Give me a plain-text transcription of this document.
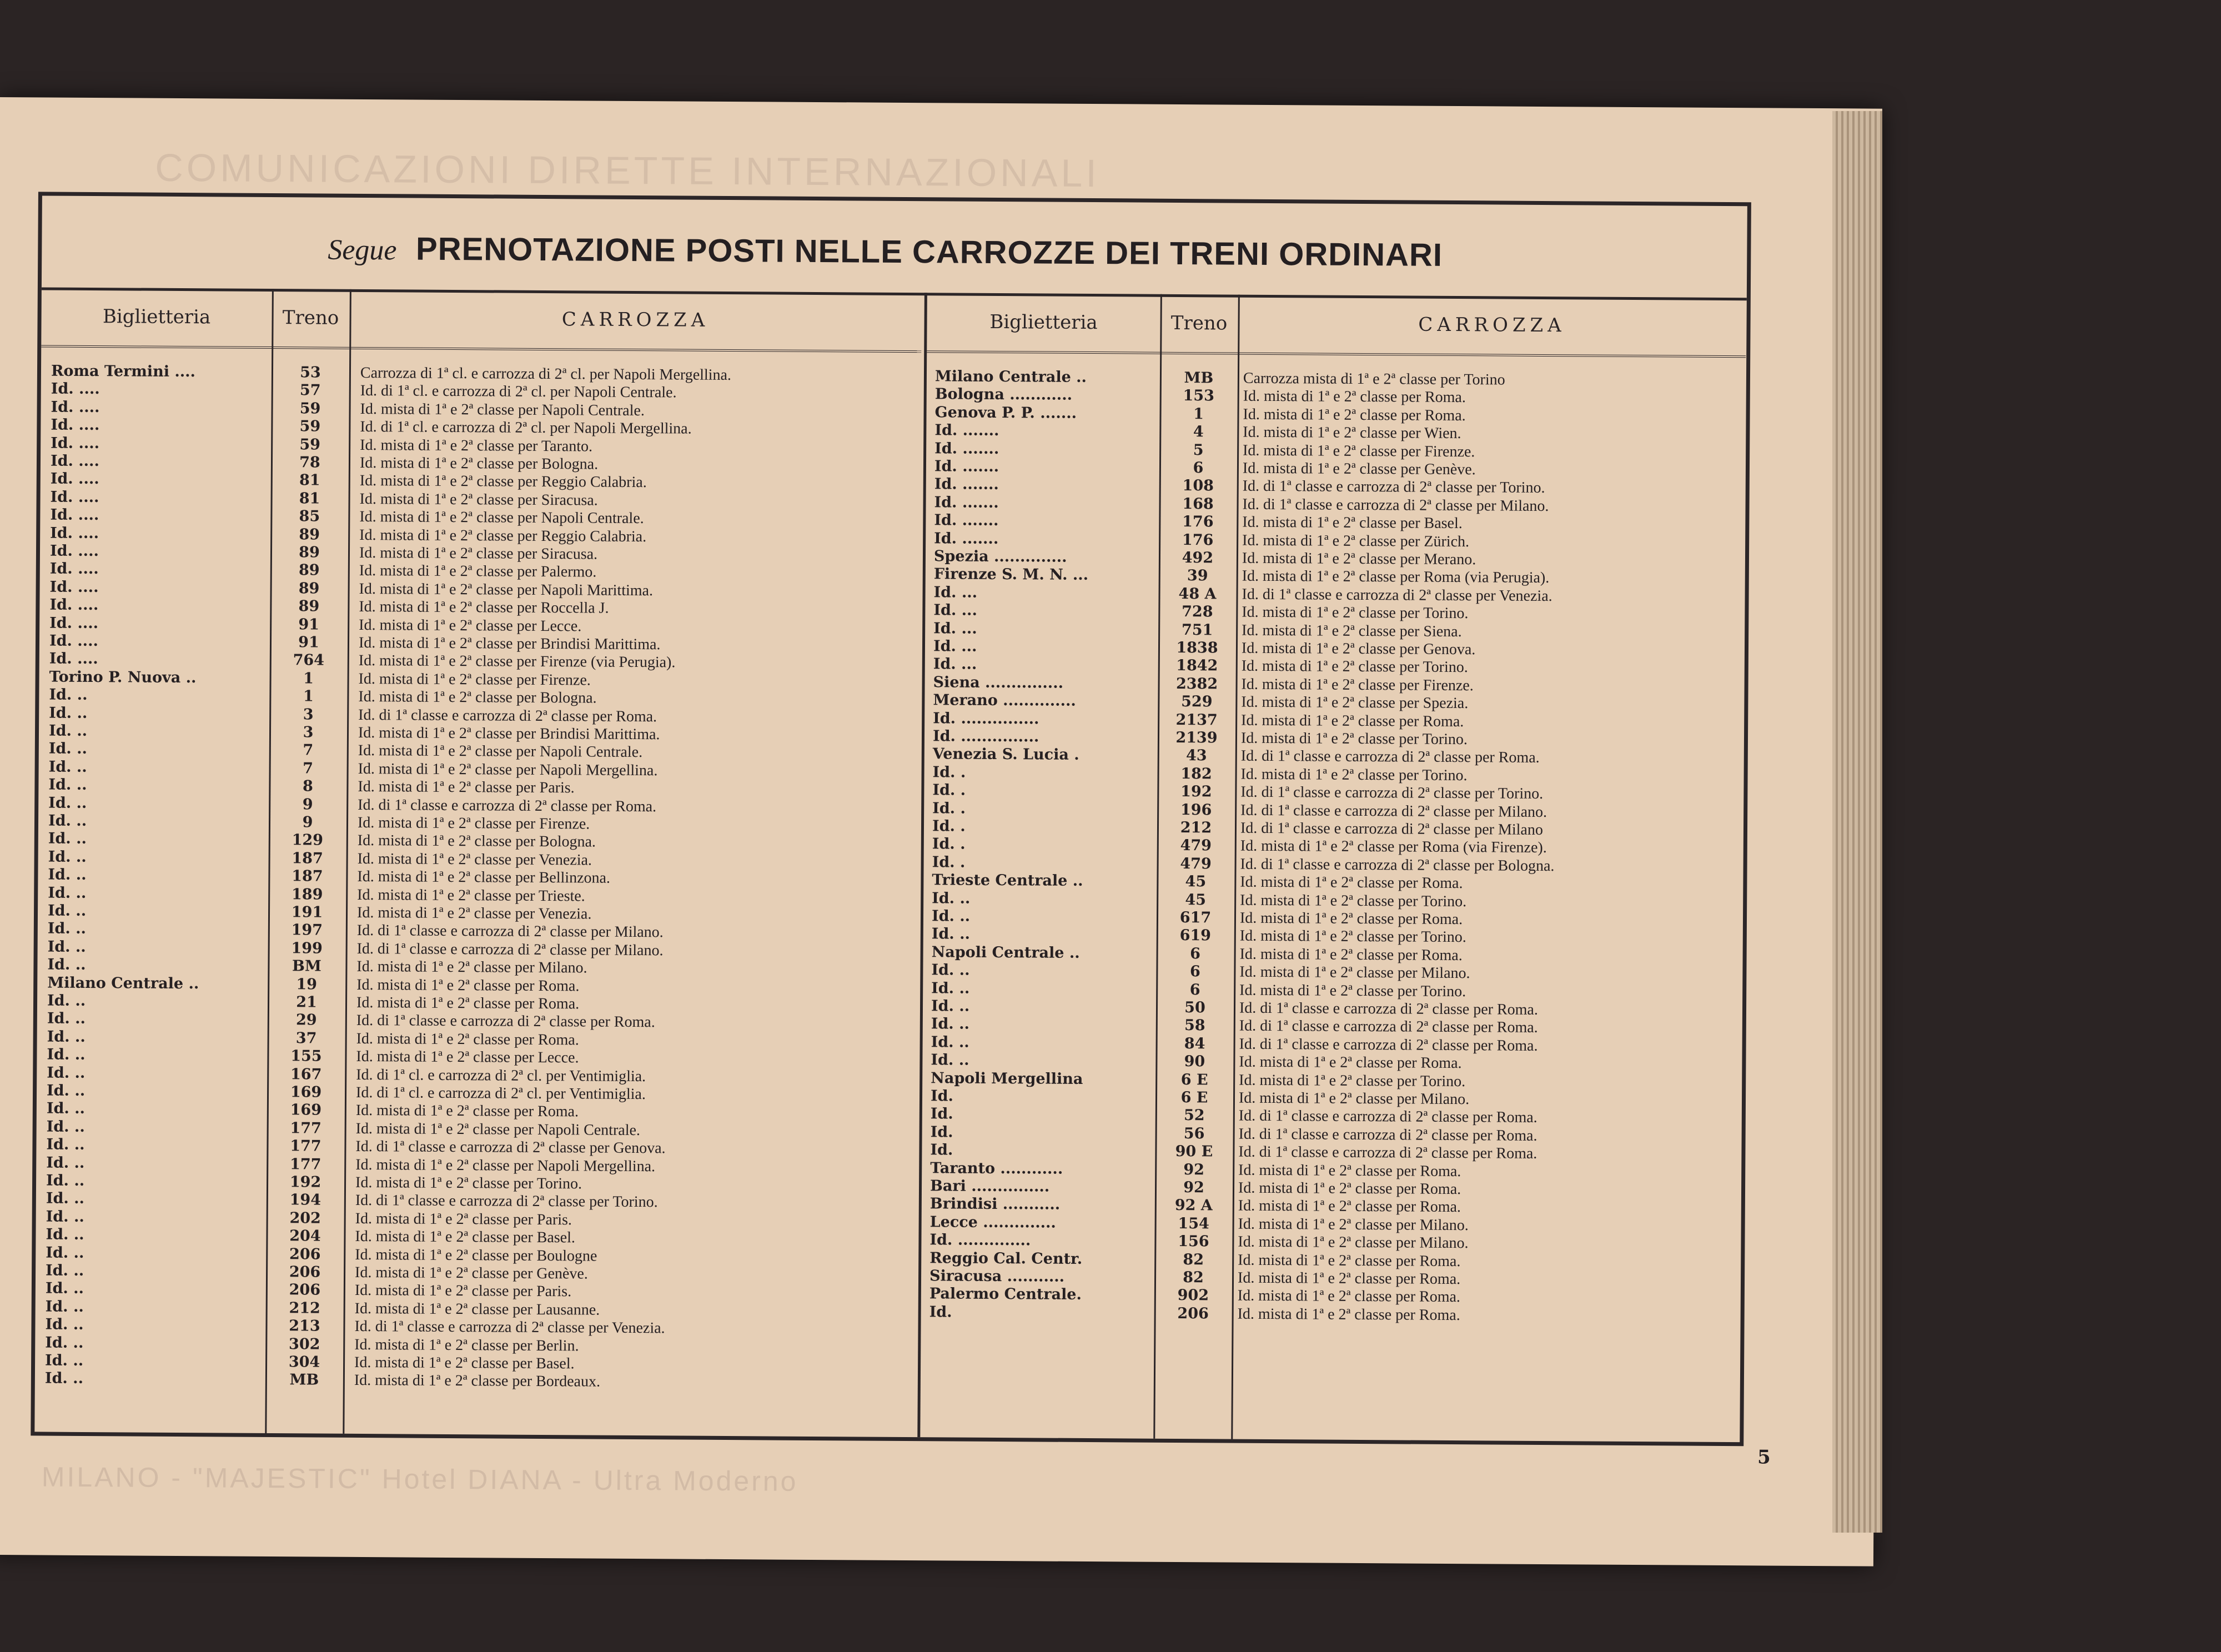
COMUNICAZIONI DIRETTE INTERNAZIONALI
Segue PRENOTAZIONE POSTI NELLE CARROZZE DEI TRENI ORDINARI
Biglietteria	Treno	CARROZZA	Biglietteria	Treno	CARROZZA
Roma Termini ....	53	Carrozza di 1ª cl. e carrozza di 2ª cl. per Napoli Mergellina.
Id. ....	57	Id. di 1ª cl. e carrozza di 2ª cl. per Napoli Centrale.
Id. ....	59	Id. mista di 1ª e 2ª classe per Napoli Centrale.
Id. ....	59	Id. di 1ª cl. e carrozza di 2ª cl. per Napoli Mergellina.
Id. ....	59	Id. mista di 1ª e 2ª classe per Taranto.
Id. ....	78	Id. mista di 1ª e 2ª classe per Bologna.
Id. ....	81	Id. mista di 1ª e 2ª classe per Reggio Calabria.
Id. ....	81	Id. mista di 1ª e 2ª classe per Siracusa.
Id. ....	85	Id. mista di 1ª e 2ª classe per Napoli Centrale.
Id. ....	89	Id. mista di 1ª e 2ª classe per Reggio Calabria.
Id. ....	89	Id. mista di 1ª e 2ª classe per Siracusa.
Id. ....	89	Id. mista di 1ª e 2ª classe per Palermo.
Id. ....	89	Id. mista di 1ª e 2ª classe per Napoli Marittima.
Id. ....	89	Id. mista di 1ª e 2ª classe per Roccella J.
Id. ....	91	Id. mista di 1ª e 2ª classe per Lecce.
Id. ....	91	Id. mista di 1ª e 2ª classe per Brindisi Marittima.
Id. ....	764	Id. mista di 1ª e 2ª classe per Firenze (via Perugia).
Torino P. Nuova ..	1	Id. mista di 1ª e 2ª classe per Firenze.
Id. ..	1	Id. mista di 1ª e 2ª classe per Bologna.
Id. ..	3	Id. di 1ª classe e carrozza di 2ª classe per Roma.
Id. ..	3	Id. mista di 1ª e 2ª classe per Brindisi Marittima.
Id. ..	7	Id. mista di 1ª e 2ª classe per Napoli Centrale.
Id. ..	7	Id. mista di 1ª e 2ª classe per Napoli Mergellina.
Id. ..	8	Id. mista di 1ª e 2ª classe per Paris.
Id. ..	9	Id. di 1ª classe e carrozza di 2ª classe per Roma.
Id. ..	9	Id. mista di 1ª e 2ª classe per Firenze.
Id. ..	129	Id. mista di 1ª e 2ª classe per Bologna.
Id. ..	187	Id. mista di 1ª e 2ª classe per Venezia.
Id. ..	187	Id. mista di 1ª e 2ª classe per Bellinzona.
Id. ..	189	Id. mista di 1ª e 2ª classe per Trieste.
Id. ..	191	Id. mista di 1ª e 2ª classe per Venezia.
Id. ..	197	Id. di 1ª classe e carrozza di 2ª classe per Milano.
Id. ..	199	Id. di 1ª classe e carrozza di 2ª classe per Milano.
Id. ..	BM	Id. mista di 1ª e 2ª classe per Milano.
Milano Centrale ..	19	Id. mista di 1ª e 2ª classe per Roma.
Id. ..	21	Id. mista di 1ª e 2ª classe per Roma.
Id. ..	29	Id. di 1ª classe e carrozza di 2ª classe per Roma.
Id. ..	37	Id. mista di 1ª e 2ª classe per Roma.
Id. ..	155	Id. mista di 1ª e 2ª classe per Lecce.
Id. ..	167	Id. di 1ª cl. e carrozza di 2ª cl. per Ventimiglia.
Id. ..	169	Id. di 1ª cl. e carrozza di 2ª cl. per Ventimiglia.
Id. ..	169	Id. mista di 1ª e 2ª classe per Roma.
Id. ..	177	Id. mista di 1ª e 2ª classe per Napoli Centrale.
Id. ..	177	Id. di 1ª classe e carrozza di 2ª classe per Genova.
Id. ..	177	Id. mista di 1ª e 2ª classe per Napoli Mergellina.
Id. ..	192	Id. mista di 1ª e 2ª classe per Torino.
Id. ..	194	Id. di 1ª classe e carrozza di 2ª classe per Torino.
Id. ..	202	Id. mista di 1ª e 2ª classe per Paris.
Id. ..	204	Id. mista di 1ª e 2ª classe per Basel.
Id. ..	206	Id. mista di 1ª e 2ª classe per Boulogne
Id. ..	206	Id. mista di 1ª e 2ª classe per Genève.
Id. ..	206	Id. mista di 1ª e 2ª classe per Paris.
Id. ..	212	Id. mista di 1ª e 2ª classe per Lausanne.
Id. ..	213	Id. di 1ª classe e carrozza di 2ª classe per Venezia.
Id. ..	302	Id. mista di 1ª e 2ª classe per Berlin.
Id. ..	304	Id. mista di 1ª e 2ª classe per Basel.
Id. ..	MB	Id. mista di 1ª e 2ª classe per Bordeaux.
Milano Centrale ..	MB	Carrozza mista di 1ª e 2ª classe per Torino
Bologna ............	153	Id. mista di 1ª e 2ª classe per Roma.
Genova P. P. .......	1	Id. mista di 1ª e 2ª classe per Roma.
Id. .......	4	Id. mista di 1ª e 2ª classe per Wien.
Id. .......	5	Id. mista di 1ª e 2ª classe per Firenze.
Id. .......	6	Id. mista di 1ª e 2ª classe per Genève.
Id. .......	108	Id. di 1ª classe e carrozza di 2ª classe per Torino.
Id. .......	168	Id. di 1ª classe e carrozza di 2ª classe per Milano.
Id. .......	176	Id. mista di 1ª e 2ª classe per Basel.
Id. .......	176	Id. mista di 1ª e 2ª classe per Zürich.
Spezia ..............	492	Id. mista di 1ª e 2ª classe per Merano.
Firenze S. M. N. ...	39	Id. mista di 1ª e 2ª classe per Roma (via Perugia).
Id. ...	48 A	Id. di 1ª classe e carrozza di 2ª classe per Venezia.
Id. ...	728	Id. mista di 1ª e 2ª classe per Torino.
Id. ...	751	Id. mista di 1ª e 2ª classe per Siena.
Id. ...	1838	Id. mista di 1ª e 2ª classe per Genova.
Id. ...	1842	Id. mista di 1ª e 2ª classe per Torino.
Siena ...............	2382	Id. mista di 1ª e 2ª classe per Firenze.
Merano ..............	529	Id. mista di 1ª e 2ª classe per Spezia.
Id. ...............	2137	Id. mista di 1ª e 2ª classe per Roma.
Id. ...............	2139	Id. mista di 1ª e 2ª classe per Torino.
Venezia S. Lucia .	43	Id. di 1ª classe e carrozza di 2ª classe per Roma.
Id. .	182	Id. mista di 1ª e 2ª classe per Torino.
Id. .	192	Id. di 1ª classe e carrozza di 2ª classe per Torino.
Id. .	196	Id. di 1ª classe e carrozza di 2ª classe per Milano.
Id. .	212	Id. di 1ª classe e carrozza di 2ª classe per Milano
Id. .	479	Id. mista di 1ª e 2ª classe per Roma (via Firenze).
Id. .	479	Id. di 1ª classe e carrozza di 2ª classe per Bologna.
Trieste Centrale ..	45	Id. mista di 1ª e 2ª classe per Roma.
Id. ..	45	Id. mista di 1ª e 2ª classe per Torino.
Id. ..	617	Id. mista di 1ª e 2ª classe per Roma.
Id. ..	619	Id. mista di 1ª e 2ª classe per Torino.
Napoli Centrale ..	6	Id. mista di 1ª e 2ª classe per Roma.
Id. ..	6	Id. mista di 1ª e 2ª classe per Milano.
Id. ..	6	Id. mista di 1ª e 2ª classe per Torino.
Id. ..	50	Id. di 1ª classe e carrozza di 2ª classe per Roma.
Id. ..	58	Id. di 1ª classe e carrozza di 2ª classe per Roma.
Id. ..	84	Id. di 1ª classe e carrozza di 2ª classe per Roma.
Id. ..	90	Id. mista di 1ª e 2ª classe per Roma.
Napoli Mergellina	6 E	Id. mista di 1ª e 2ª classe per Torino.
Id.	6 E	Id. mista di 1ª e 2ª classe per Milano.
Id.	52	Id. di 1ª classe e carrozza di 2ª classe per Roma.
Id.	56	Id. di 1ª classe e carrozza di 2ª classe per Roma.
Id.	90 E	Id. di 1ª classe e carrozza di 2ª classe per Roma.
Taranto ............	92	Id. mista di 1ª e 2ª classe per Roma.
Bari ...............	92	Id. mista di 1ª e 2ª classe per Roma.
Brindisi ...........	92 A	Id. mista di 1ª e 2ª classe per Roma.
Lecce ..............	154	Id. mista di 1ª e 2ª classe per Milano.
Id. ..............	156	Id. mista di 1ª e 2ª classe per Milano.
Reggio Cal. Centr.	82	Id. mista di 1ª e 2ª classe per Roma.
Siracusa ...........	82	Id. mista di 1ª e 2ª classe per Roma.
Palermo Centrale.	902	Id. mista di 1ª e 2ª classe per Roma.
Id.	206	Id. mista di 1ª e 2ª classe per Roma.
5
MILANO - "MAJESTIC" Hotel DIANA - Ultra Moderno
